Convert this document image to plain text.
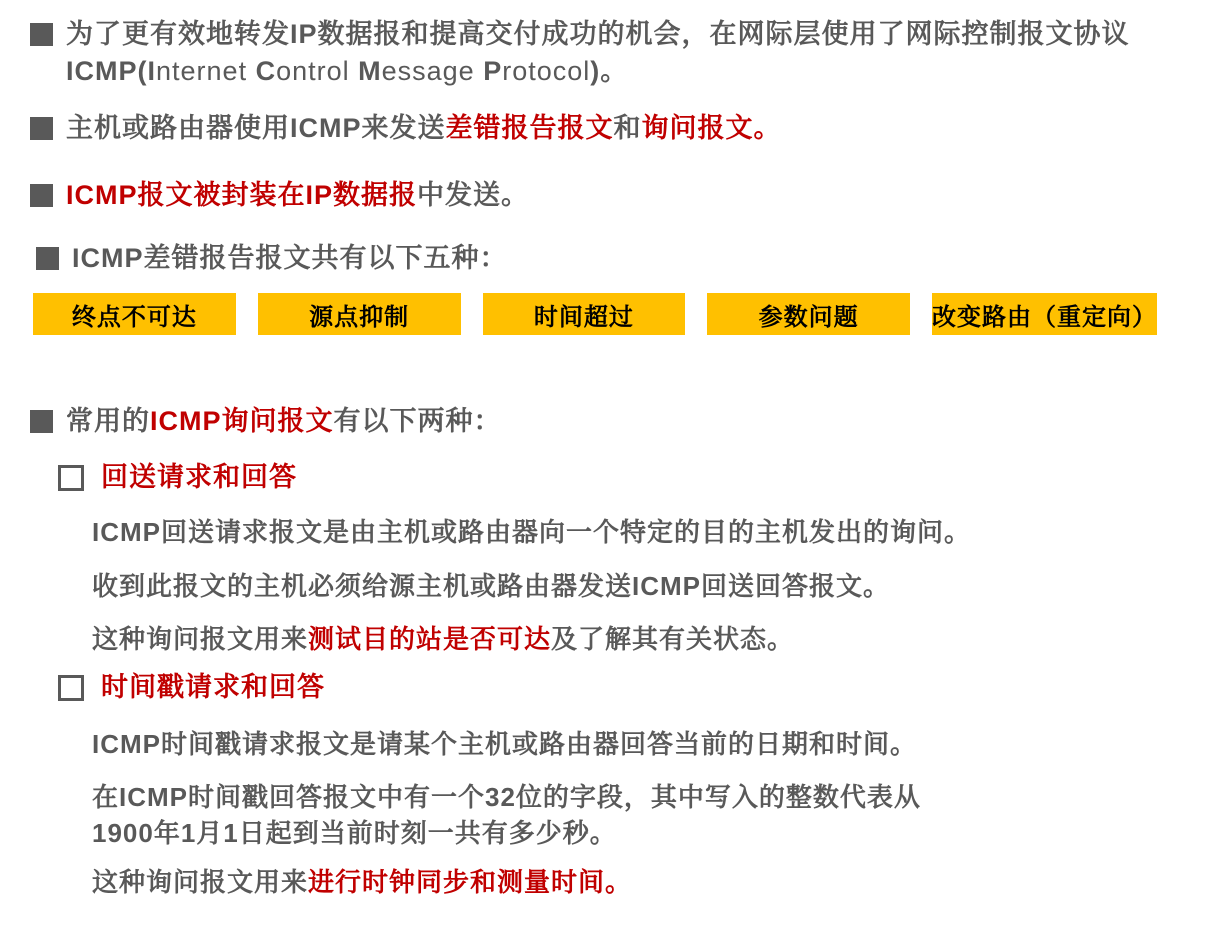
为了更有效地转发IP数据报和提高交付成功的机会，在网际层使用了网际控制报文协议
ICMP(Internet Control Message Protocol)。
主机或路由器使用ICMP来发送差错报告报文和询问报文。
ICMP报文被封装在IP数据报中发送。
ICMP差错报告报文共有以下五种：
终点不可达	源点抑制	时间超过	参数问题	改变路由（重定向）
常用的ICMP询问报文有以下两种：
回送请求和回答
ICMP回送请求报文是由主机或路由器向一个特定的目的主机发出的询问。
收到此报文的主机必须给源主机或路由器发送ICMP回送回答报文。
这种询问报文用来测试目的站是否可达及了解其有关状态。
时间戳请求和回答
ICMP时间戳请求报文是请某个主机或路由器回答当前的日期和时间。
在ICMP时间戳回答报文中有一个32位的字段，其中写入的整数代表从
1900年1月1日起到当前时刻一共有多少秒。
这种询问报文用来进行时钟同步和测量时间。
